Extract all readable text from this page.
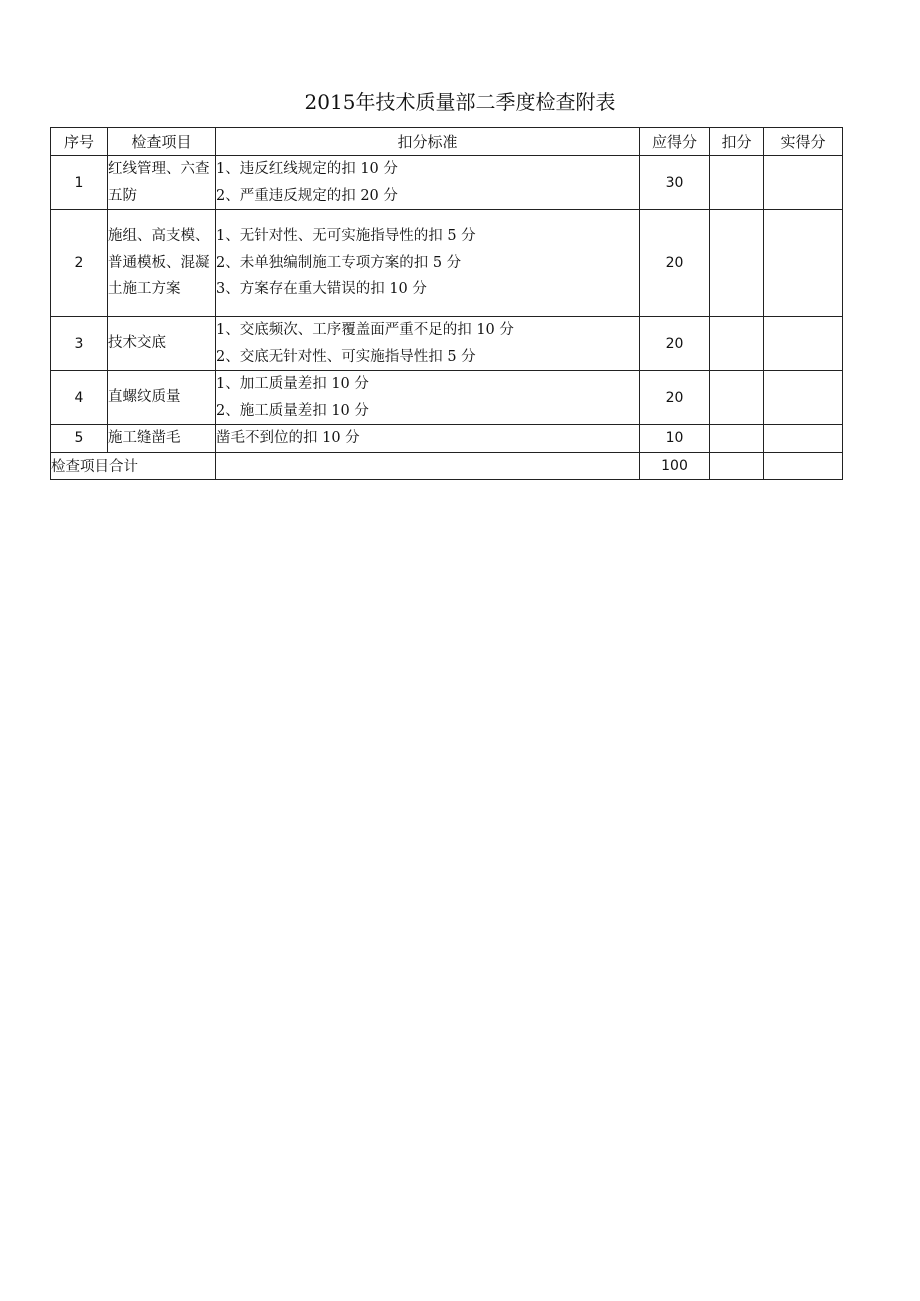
2015年技术质量部二季度检查附表
序号	检查项目	扣分标准	应得分	扣分	实得分
1	红线管理、六查五防	1、违反红线规定的扣 10 分
2、严重违反规定的扣 20 分	30		
2	施组、高支模、普通模板、混凝土施工方案	1、无针对性、无可实施指导性的扣 5 分
2、未单独编制施工专项方案的扣 5 分
3、方案存在重大错误的扣 10 分	20		
3	技术交底	1、交底频次、工序覆盖面严重不足的扣 10 分
2、交底无针对性、可实施指导性扣 5 分	20		
4	直螺纹质量	1、加工质量差扣 10 分
2、施工质量差扣 10 分	20		
5	施工缝凿毛	凿毛不到位的扣 10 分	10		
检查项目合计			100		
